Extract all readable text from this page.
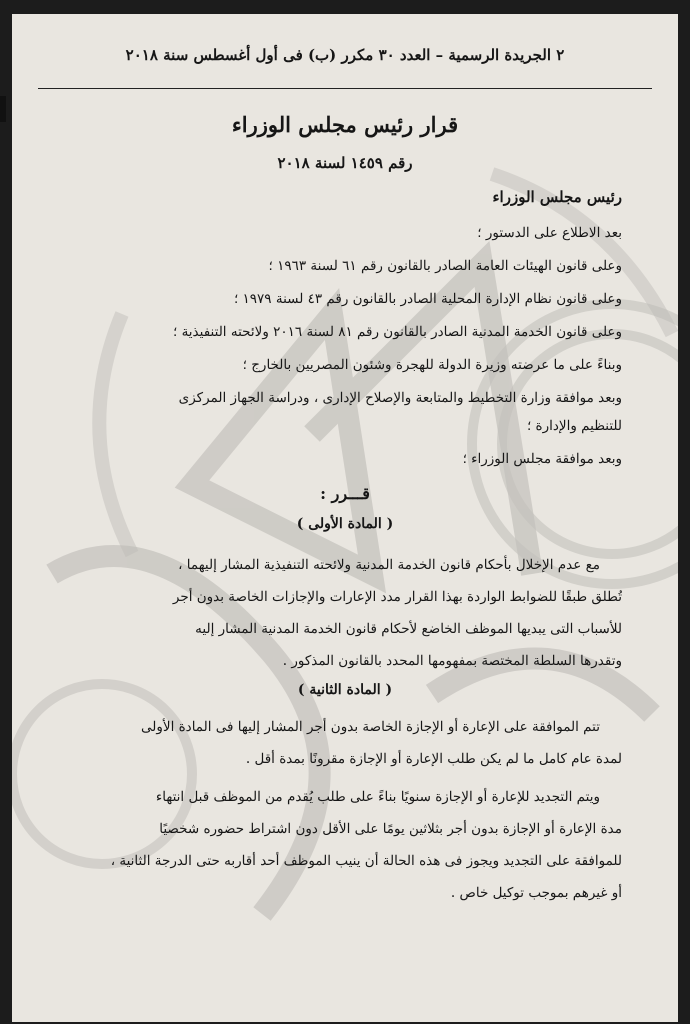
٢ الجريدة الرسمية – العدد ٣٠ مكرر (ب) فى أول أغسطس سنة ٢٠١٨
قرار رئيس مجلس الوزراء
رقم ١٤٥٩ لسنة ٢٠١٨
رئيس مجلس الوزراء
بعد الاطلاع على الدستور ؛
وعلى قانون الهيئات العامة الصادر بالقانون رقم ٦١ لسنة ١٩٦٣ ؛
وعلى قانون نظام الإدارة المحلية الصادر بالقانون رقم ٤٣ لسنة ١٩٧٩ ؛
وعلى قانون الخدمة المدنية الصادر بالقانون رقم ٨١ لسنة ٢٠١٦ ولائحته التنفيذية ؛
وبناءً على ما عرضته وزيرة الدولة للهجرة وشئون المصريين بالخارج ؛
وبعد موافقة وزارة التخطيط والمتابعة والإصلاح الإدارى ، ودراسة الجهاز المركزى
للتنظيم والإدارة ؛
وبعد موافقة مجلس الوزراء ؛
قـــرر :
( المادة الأولى )
مع عدم الإخلال بأحكام قانون الخدمة المدنية ولائحته التنفيذية المشار إليهما ،
تُطلق طبقًا للضوابط الواردة بهذا القرار مدد الإعارات والإجازات الخاصة بدون أجر
للأسباب التى يبديها الموظف الخاضع لأحكام قانون الخدمة المدنية المشار إليه
وتقدرها السلطة المختصة بمفهومها المحدد بالقانون المذكور .
( المادة الثانية )
تتم الموافقة على الإعارة أو الإجازة الخاصة بدون أجر المشار إليها فى المادة الأولى
لمدة عام كامل ما لم يكن طلب الإعارة أو الإجازة مقرونًا بمدة أقل .
ويتم التجديد للإعارة أو الإجازة سنويًا بناءً على طلب يُقدم من الموظف قبل انتهاء
مدة الإعارة أو الإجازة بدون أجر بثلاثين يومًا على الأقل دون اشتراط حضوره شخصيًا
للموافقة على التجديد ويجوز فى هذه الحالة أن ينيب الموظف أحد أقاربه حتى الدرجة الثانية ،
أو غيرهم بموجب توكيل خاص .
